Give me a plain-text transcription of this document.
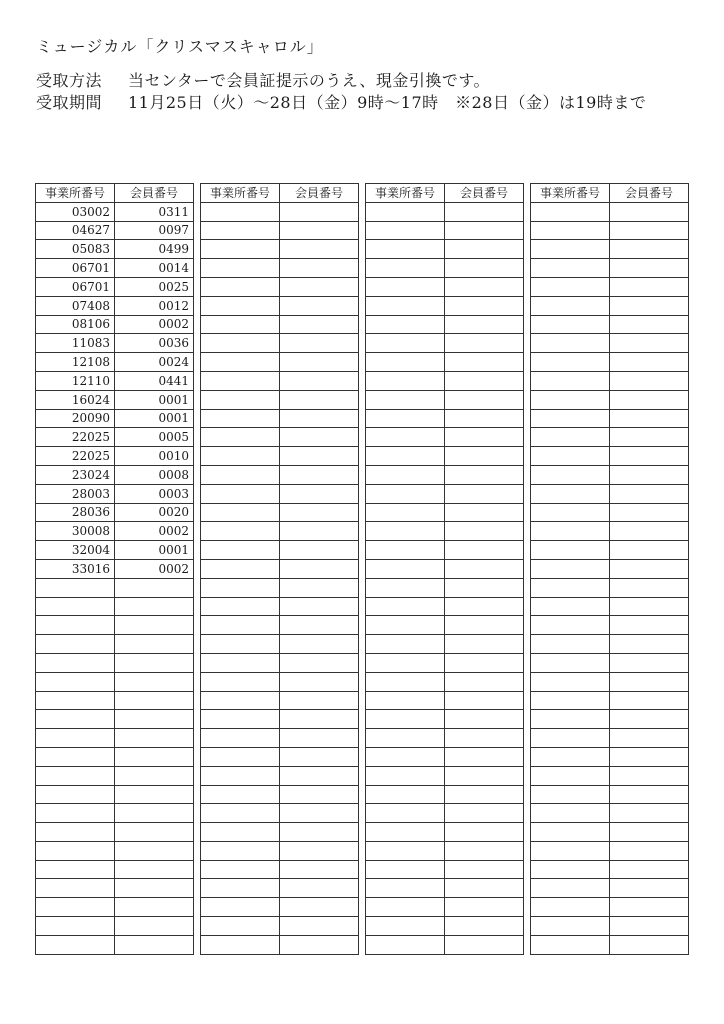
ミュージカル「クリスマスキャロル」
受取方法 当センターで会員証提示のうえ、現金引換です。
受取期間 11月25日（火）～28日（金）9時～17時　※28日（金）は19時まで
事業所番号	会員番号
03002	0311
04627	0097
05083	0499
06701	0014
06701	0025
07408	0012
08106	0002
11083	0036
12108	0024
12110	0441
16024	0001
20090	0001
22025	0005
22025	0010
23024	0008
28003	0003
28036	0020
30008	0002
32004	0001
33016	0002

事業所番号	会員番号

		事業所番号	会員番号

		事業所番号	会員番号
